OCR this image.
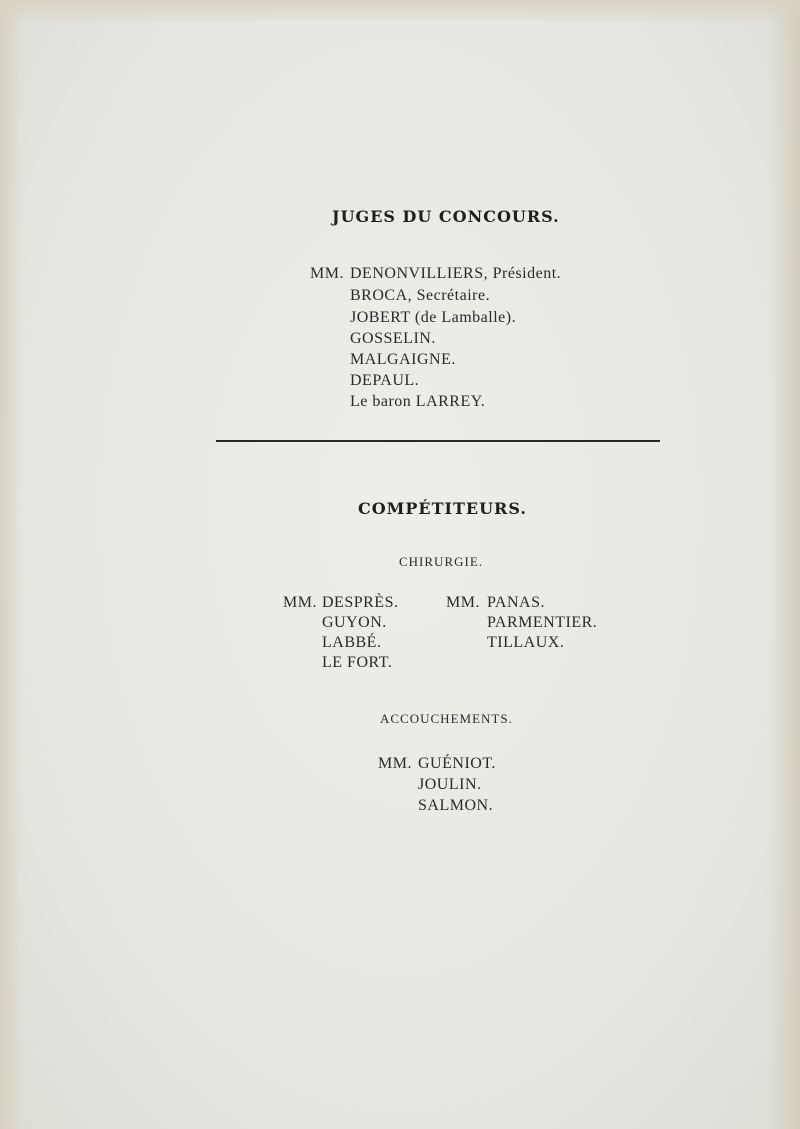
JUGES DU CONCOURS.
MM. DENONVILLIERS, Président.
BROCA, Secrétaire.
JOBERT (de Lamballe).
GOSSELIN.
MALGAIGNE.
DEPAUL.
Le baron LARREY.
COMPÉTITEURS.
CHIRURGIE.
MM. DESPRÈS.
GUYON.
LABBÉ.
LE FORT.
MM. PANAS.
PARMENTIER.
TILLAUX.
ACCOUCHEMENTS.
MM. GUÉNIOT.
JOULIN.
SALMON.
